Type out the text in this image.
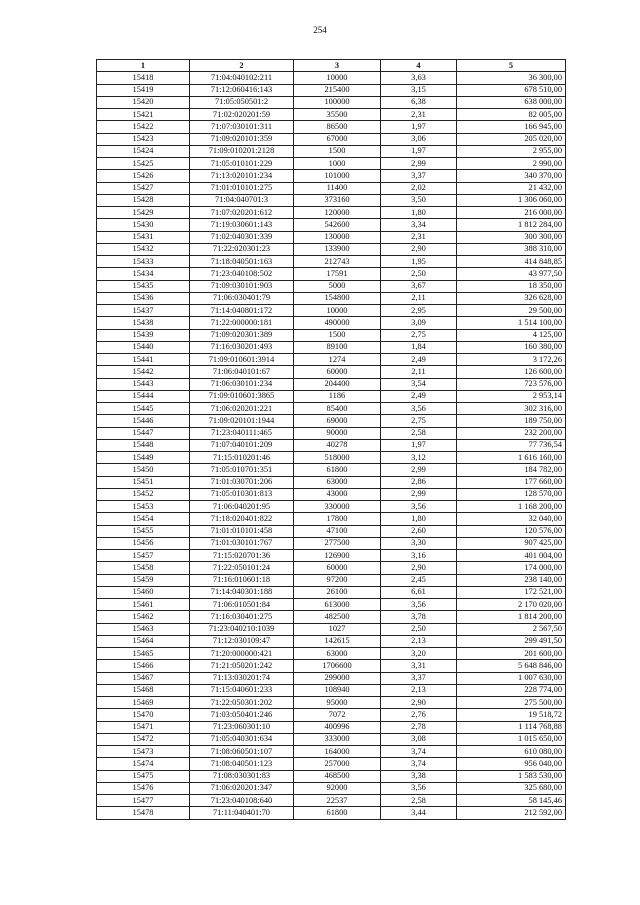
254
1	2	3	4	5
15418	71:04:040102:211	10000	3,63	36 300,00
15419	71:12:060416:143	215400	3,15	678 510,00
15420	71:05:050501:2	100000	6,38	638 000,00
15421	71:02:020201:59	35500	2,31	82 005,00
15422	71:07:030101:311	86500	1,97	166 945,00
15423	71:09:020101:359	67000	3,06	205 020,00
15424	71:09:010201:2128	1500	1,97	2 955,00
15425	71:05:010101:229	1000	2,99	2 990,00
15426	71:13:020101:234	101000	3,37	340 370,00
15427	71:01:010101:275	11400	2,02	21 432,00
15428	71:04:040701:3	373160	3,50	1 306 060,00
15429	71:07:020201:612	120000	1,80	216 000,00
15430	71:19:030601:143	542600	3,34	1 812 284,00
15431	71:02:040301:339	130000	2,31	300 300,00
15432	71:22:020301:23	133900	2,90	388 310,00
15433	71:18:040501:163	212743	1,95	414 848,85
15434	71:23:040108:502	17591	2,50	43 977,50
15435	71:09:030101:903	5000	3,67	18 350,00
15436	71:06:030401:79	154800	2,11	326 628,00
15437	71:14:040801:172	10000	2,95	29 500,00
15438	71:22:000000:181	490000	3,09	1 514 100,00
15439	71:09:020301:389	1500	2,75	4 125,00
15440	71:16:030201:493	89100	1,84	160 380,00
15441	71:09:010601:3914	1274	2,49	3 172,26
15442	71:06:040101:67	60000	2,11	126 600,00
15443	71:06:030101:234	204400	3,54	723 576,00
15444	71:09:010601:3865	1186	2,49	2 953,14
15445	71:06:020201:221	85400	3,56	302 316,00
15446	71:09:020101:1944	69000	2,75	189 750,00
15447	71:23:040111:465	90000	2,58	232 200,00
15448	71:07:040101:209	40278	1,97	77 736,54
15449	71:15:010201:46	518000	3,12	1 616 160,00
15450	71:05:010701:351	61800	2,99	184 782,00
15451	71:01:030701:206	63000	2,86	177 660,00
15452	71:05:010301:813	43000	2,99	128 570,00
15453	71:06:040201:95	330000	3,56	1 168 200,00
15454	71:18:020401:822	17800	1,80	32 040,00
15455	71:01:010101:458	47100	2,60	120 576,00
15456	71:01:030101:767	277500	3,30	907 425,00
15457	71:15:020701:36	126900	3,16	401 004,00
15458	71:22:050101:24	60000	2,90	174 000,00
15459	71:16:010601:18	97200	2,45	238 140,00
15460	71:14:040301:188	26100	6,61	172 521,00
15461	71:06:010501:84	613000	3,56	2 170 020,00
15462	71:16:030401:275	482500	3,78	1 814 200,00
15463	71:23:040210:1039	1027	2,50	2 567,50
15464	71:12:030109:47	142615	2,13	299 491,50
15465	71:20:000000:421	63000	3,20	201 600,00
15466	71:21:050201:242	1706600	3,31	5 648 846,00
15467	71:13:030201:74	299000	3,37	1 007 630,00
15468	71:15:040601:233	108940	2,13	228 774,00
15469	71:22:050301:202	95000	2,90	275 500,00
15470	71:03:050401:246	7072	2,76	19 518,72
15471	71:23:060301:10	400996	2,78	1 114 768,88
15472	71:05:040301:634	333000	3,08	1 015 650,00
15473	71:08:060501:107	164000	3,74	610 080,00
15474	71:08:040501:123	257000	3,74	956 040,00
15475	71:08:030301:83	468500	3,38	1 583 530,00
15476	71:06:020201:347	92000	3,56	325 680,00
15477	71:23:040108:640	22537	2,58	58 145,46
15478	71:11:040401:70	61800	3,44	212 592,00
